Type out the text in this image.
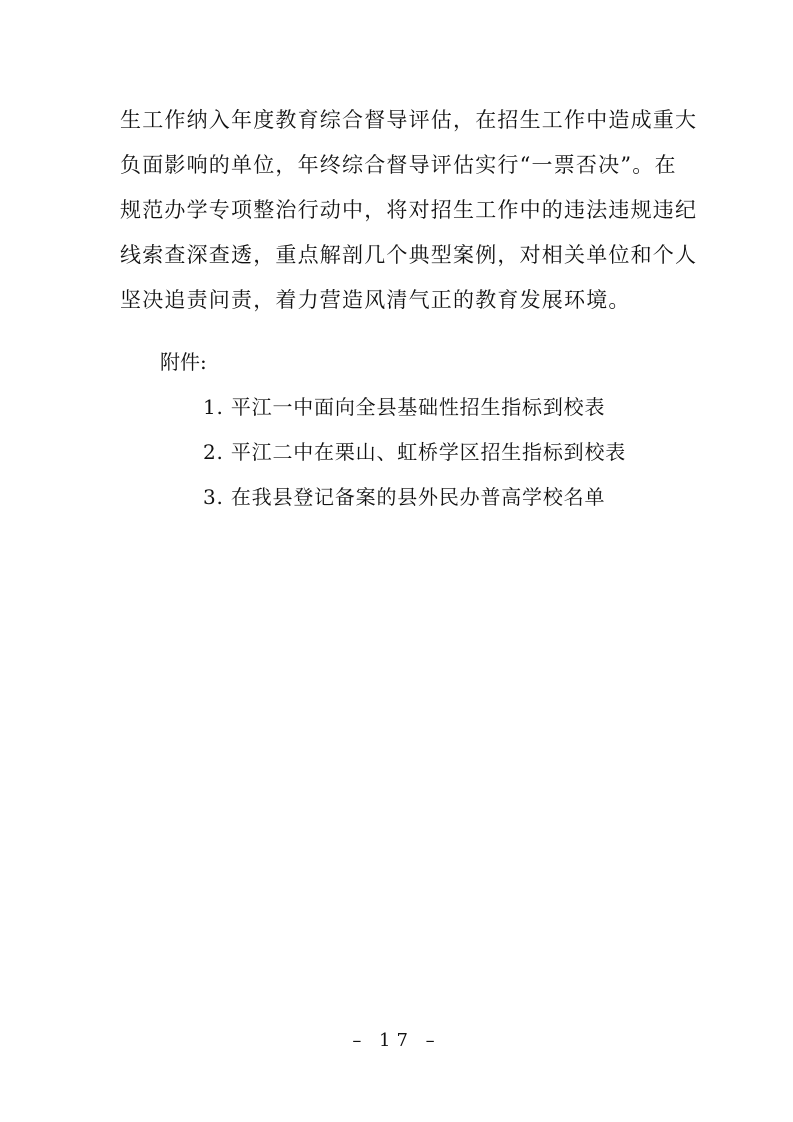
生工作纳入年度教育综合督导评估，在招生工作中造成重大
负面影响的单位，年终综合督导评估实行“一票否决”。在
规范办学专项整治行动中，将对招生工作中的违法违规违纪
线索查深查透，重点解剖几个典型案例，对相关单位和个人
坚决追责问责，着力营造风清气正的教育发展环境。
附件:
1. 平江一中面向全县基础性招生指标到校表
2. 平江二中在栗山、虹桥学区招生指标到校表
3. 在我县登记备案的县外民办普高学校名单
– 17 –
